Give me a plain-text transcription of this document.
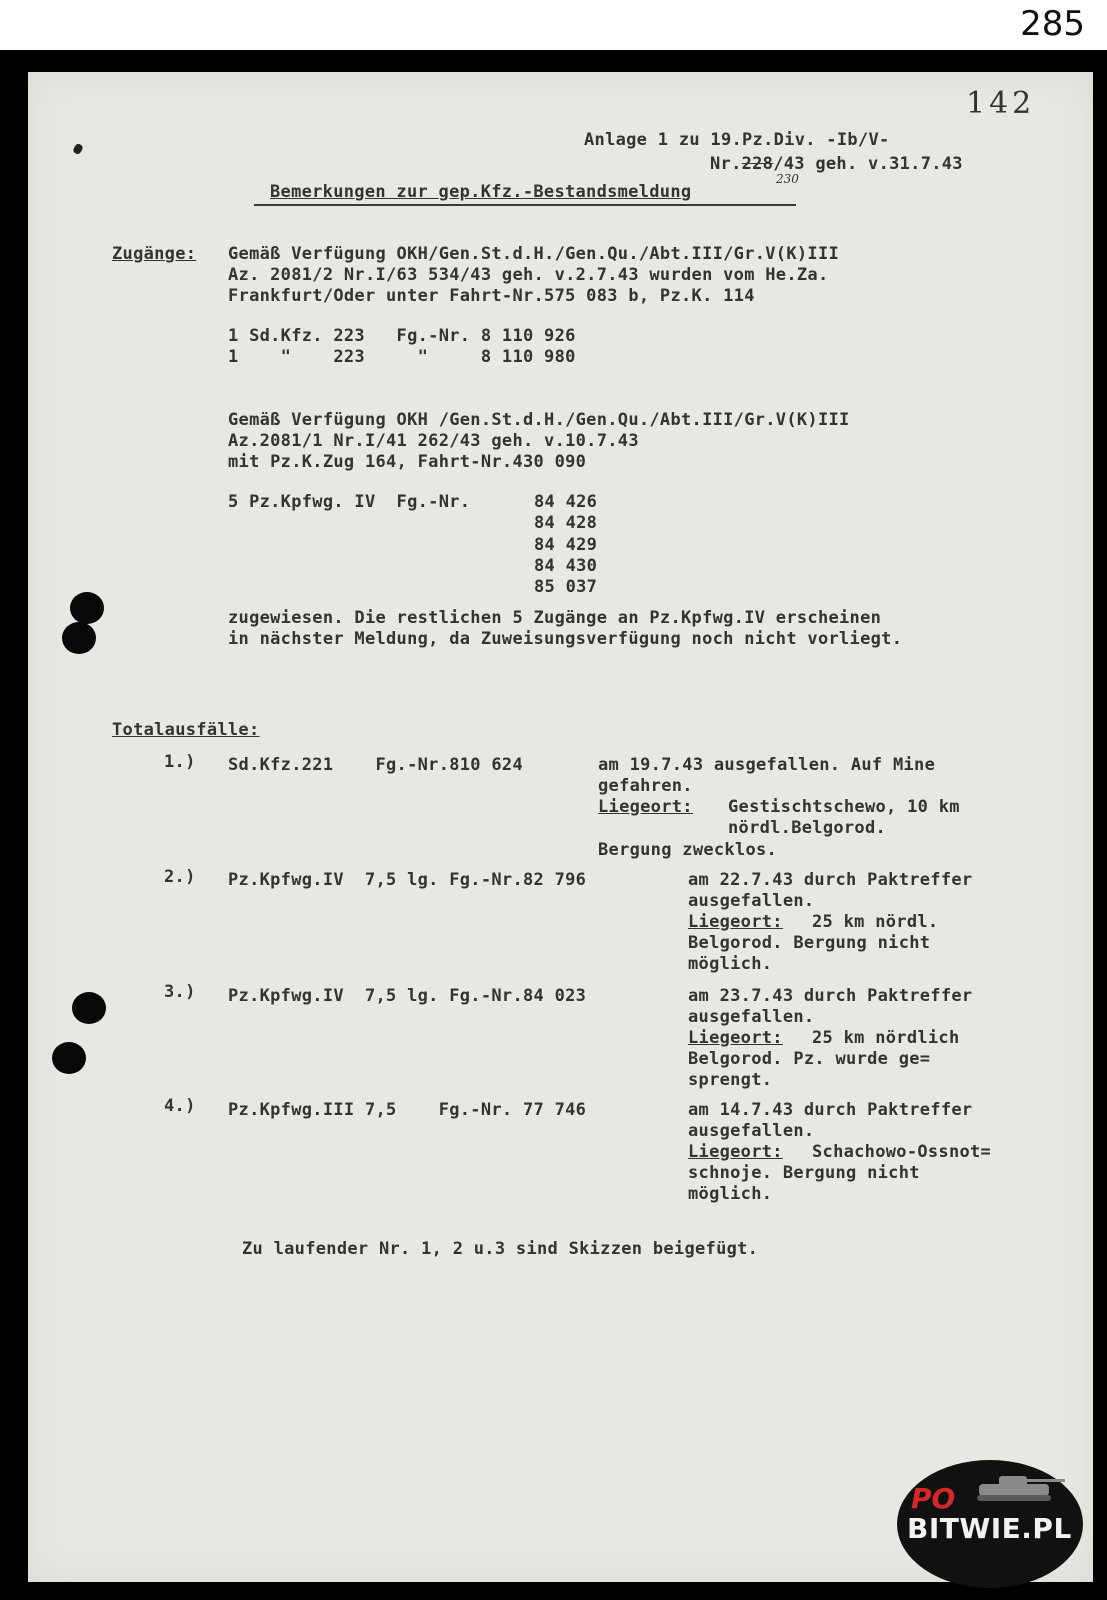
285
142
Anlage 1 zu 19.Pz.Div. -Ib/V-
Nr.228/43 geh. v.31.7.43
230
Bemerkungen zur gep.Kfz.-Bestandsmeldung
Zugänge: Gemäß Verfügung OKH/Gen.St.d.H./Gen.Qu./Abt.III/Gr.V(K)III
Az. 2081/2 Nr.I/63 534/43 geh. v.2.7.43 wurden vom He.Za.
Frankfurt/Oder unter Fahrt-Nr.575 083 b, Pz.K. 114
1 Sd.Kfz. 223   Fg.-Nr. 8 110 926
1    "    223     "     8 110 980
Gemäß Verfügung OKH /Gen.St.d.H./Gen.Qu./Abt.III/Gr.V(K)III
Az.2081/1 Nr.I/41 262/43 geh. v.10.7.43
mit Pz.K.Zug 164, Fahrt-Nr.430 090
5 Pz.Kpfwg. IV  Fg.-Nr.	84 426
84 428
84 429
84 430
85 037
zugewiesen. Die restlichen 5 Zugänge an Pz.Kpfwg.IV erscheinen
in nächster Meldung, da Zuweisungsverfügung noch nicht vorliegt.
Totalausfälle:
1.) Sd.Kfz.221    Fg.-Nr.810 624	am 19.7.43 ausgefallen. Auf Mine
gefahren.
Liegeort: Gestischtschewo, 10 km
nördl.Belgorod.
Bergung zwecklos.
2.) Pz.Kpfwg.IV  7,5 lg. Fg.-Nr.82 796	am 22.7.43 durch Paktreffer
ausgefallen.
Liegeort: 25 km nördl.
Belgorod. Bergung nicht
möglich.
3.) Pz.Kpfwg.IV  7,5 lg. Fg.-Nr.84 023	am 23.7.43 durch Paktreffer
ausgefallen.
Liegeort: 25 km nördlich
Belgorod. Pz. wurde ge=
sprengt.
4.) Pz.Kpfwg.III 7,5    Fg.-Nr. 77 746	am 14.7.43 durch Paktreffer
ausgefallen.
Liegeort: Schachowo-Ossnot=
schnoje. Bergung nicht
möglich.
Zu laufender Nr. 1, 2 u.3 sind Skizzen beigefügt.
PO
BITWIE.PL
